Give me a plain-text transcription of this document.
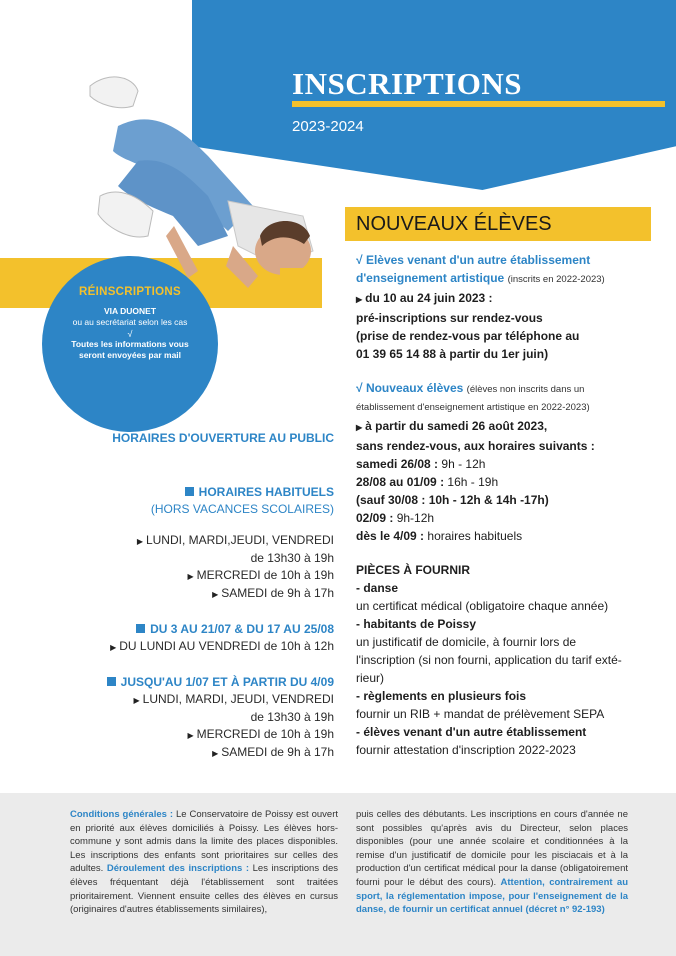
INSCRIPTIONS
2023-2024
RÉINSCRIPTIONS
VIA DUONET
ou au secrétariat selon les cas
√
Toutes les informations vous
seront envoyées par mail
HORAIRES D'OUVERTURE AU PUBLIC
HORAIRES HABITUELS
(HORS VACANCES SCOLAIRES)
▶ LUNDI, MARDI,JEUDI, VENDREDI
de 13h30 à 19h
▶ MERCREDI de 10h à 19h
▶ SAMEDI de 9h à 17h
DU 3 AU 21/07 & DU 17 AU 25/08
▶ DU LUNDI AU VENDREDI de 10h à 12h
JUSQU'AU 1/07 ET À PARTIR DU 4/09
▶ LUNDI, MARDI, JEUDI, VENDREDI
de 13h30 à 19h
▶ MERCREDI de 10h à 19h
▶ SAMEDI de 9h à 17h
NOUVEAUX ÉLÈVES

√ Elèves venant d'un autre établissement

d'enseignement artistique (inscrits en 2022-2023)

▶ du 10 au 24 juin 2023 :

pré-inscriptions sur rendez-vous

(prise de rendez-vous par téléphone au

01 39 65 14 88 à partir du 1er juin)

√ Nouveaux élèves (élèves non inscrits dans un

établissement d'enseignement artistique en 2022-2023)

▶ à partir du samedi 26 août 2023,

sans rendez-vous, aux horaires suivants :

samedi 26/08 : 9h - 12h

28/08 au 01/09 : 16h - 19h

(sauf 30/08 : 10h - 12h & 14h -17h)

02/09 : 9h-12h

dès le 4/09 : horaires habituels

PIÈCES À FOURNIR

- danse

un certificat médical (obligatoire chaque année)

- habitants de Poissy

un justificatif de domicile, à fournir lors de

l'inscription (si non fourni, application du tarif exté-

rieur)

- règlements en plusieurs fois

fournir un RIB + mandat de prélèvement SEPA

- élèves venant d'un autre établissement

fournir attestation d'inscription 2022-2023

Conditions générales : Le Conservatoire de Poissy est ouvert en priorité aux élèves domiciliés à Poissy. Les élèves hors-commune y sont admis dans la limite des places disponibles. Les inscriptions des enfants sont prioritaires sur celles des adultes. Déroulement des inscriptions : Les inscriptions des élèves fréquentant déjà l'établissement sont traitées prioritairement. Viennent ensuite celles des élèves en cursus (originaires d'autres établissements similaires),
puis celles des débutants. Les inscriptions en cours d'année ne sont possibles qu'après avis du Directeur, selon places disponibles (pour une année scolaire et conditionnées à la remise d'un justificatif de domicile pour les pisciacais et à la production d'un certificat médical pour la danse (obligatoirement fourni pour le début des cours). Attention, contrairement au sport, la réglementation impose, pour l'enseignement de la danse, de fournir un certificat annuel (décret n° 92-193)
